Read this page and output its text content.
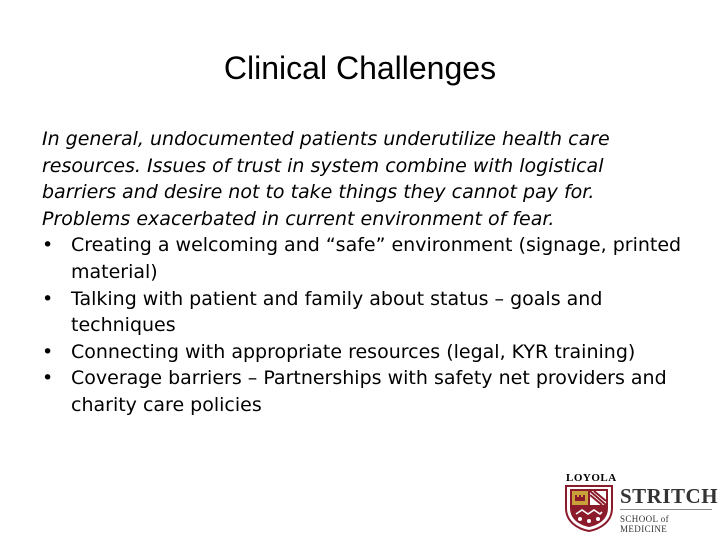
Clinical Challenges

In general, undocumented patients underutilize health care resources. Issues of trust in system combine with logistical barriers and desire not to take things they cannot pay for. Problems exacerbated in current environment of fear.

• Creating a welcoming and “safe” environment (signage, printed material)
• Talking with patient and family about status – goals and techniques
• Connecting with appropriate resources (legal, KYR training)
• Coverage barriers – Partnerships with safety net providers and charity care policies
LOYOLA
STRITCH
SCHOOL of MEDICINE
